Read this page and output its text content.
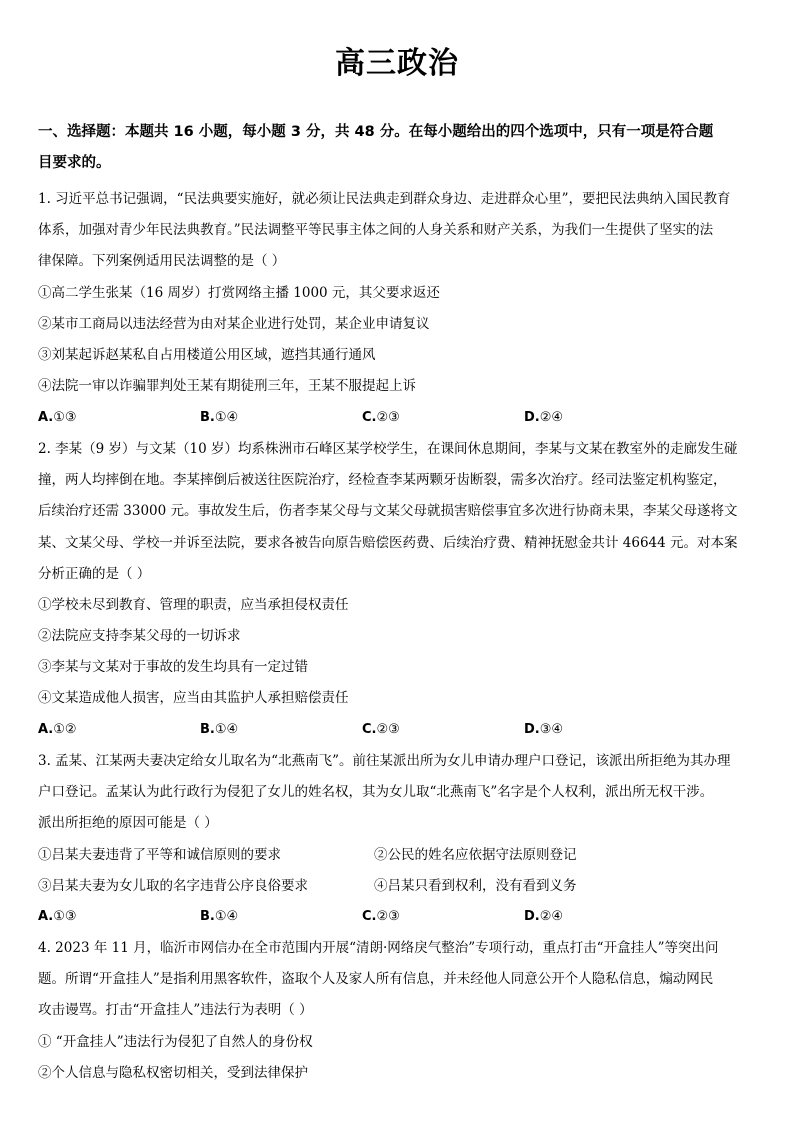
高三政治
一、选择题：本题共 16 小题，每小题 3 分，共 48 分。在每小题给出的四个选项中，只有一项是符合题
目要求的。
1. 习近平总书记强调，“民法典要实施好，就必须让民法典走到群众身边、走进群众心里”，要把民法典纳入国民教育
体系，加强对青少年民法典教育。”民法调整平等民事主体之间的人身关系和财产关系，为我们一生提供了坚实的法
律保障。下列案例适用民法调整的是（ ）
①高二学生张某（16 周岁）打赏网络主播 1000 元，其父要求返还
②某市工商局以违法经营为由对某企业进行处罚，某企业申请复议
③刘某起诉赵某私自占用楼道公用区域，遮挡其通行通风
④法院一审以诈骗罪判处王某有期徒刑三年，王某不服提起上诉
A.①③	B.①④	C.②③	D.②④
2. 李某（9 岁）与文某（10 岁）均系株洲市石峰区某学校学生，在课间休息期间，李某与文某在教室外的走廊发生碰
撞，两人均摔倒在地。李某摔倒后被送往医院治疗，经检查李某两颗牙齿断裂，需多次治疗。经司法鉴定机构鉴定，
后续治疗还需 33000 元。事故发生后，伤者李某父母与文某父母就损害赔偿事宜多次进行协商未果，李某父母遂将文
某、文某父母、学校一并诉至法院，要求各被告向原告赔偿医药费、后续治疗费、精神抚慰金共计 46644 元。对本案
分析正确的是（ ）
①学校未尽到教育、管理的职责，应当承担侵权责任
②法院应支持李某父母的一切诉求
③李某与文某对于事故的发生均具有一定过错
④文某造成他人损害，应当由其监护人承担赔偿责任
A.①②	B.①④	C.②③	D.③④
3. 孟某、江某两夫妻决定给女儿取名为“北燕南飞”。前往某派出所为女儿申请办理户口登记，该派出所拒绝为其办理
户口登记。孟某认为此行政行为侵犯了女儿的姓名权，其为女儿取“北燕南飞”名字是个人权利，派出所无权干涉。
派出所拒绝的原因可能是（ ）
①吕某夫妻违背了平等和诚信原则的要求	②公民的姓名应依据守法原则登记
③吕某夫妻为女儿取的名字违背公序良俗要求	④吕某只看到权利，没有看到义务
A.①③	B.①④	C.②③	D.②④
4. 2023 年 11 月，临沂市网信办在全市范围内开展“清朗·网络戾气整治”专项行动，重点打击“开盒挂人”等突出问
题。所谓“开盒挂人”是指利用黑客软件，盗取个人及家人所有信息，并未经他人同意公开个人隐私信息，煽动网民
攻击谩骂。打击“开盒挂人”违法行为表明（ ）
① “开盒挂人”违法行为侵犯了自然人的身份权
②个人信息与隐私权密切相关，受到法律保护
